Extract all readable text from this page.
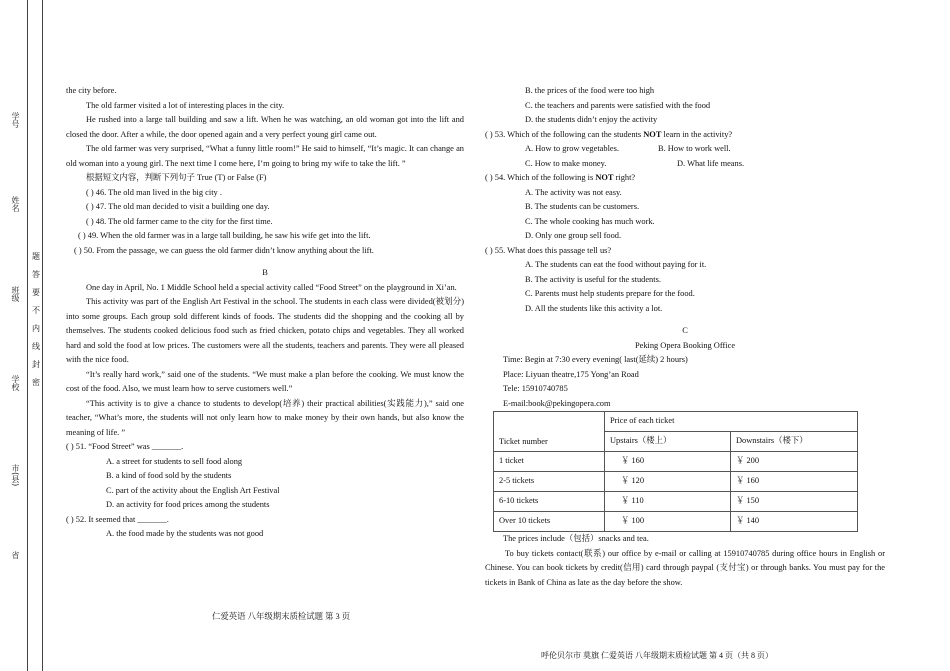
学号
姓名
班级
学校
市(县)
省
题
答
要
不
内
线
封
密

the city before.

The old farmer visited a lot of interesting places in the city.

He rushed into a large tall building and saw a lift. When he was watching, an old woman got into the lift and closed the door. After a while, the door opened again and a very perfect young girl came out.

The old farmer was very surprised, “What a funny little room!” He said to himself, “It’s magic. It can change an old woman into a young girl. The next time I come here, I’m going to bring my wife to take the lift. ”

根据短文内容，判断下列句子 True (T) or False (F)

( ) 46. The old man lived in the big city .

( ) 47. The old man decided to visit a building one day.

( ) 48. The old farmer came to the city for the first time.

( ) 49. When the old farmer was in a large tall building, he saw his wife get into the lift.

( ) 50. From the passage, we can guess the old farmer didn’t know anything about the lift.

B

One day in April, No. 1 Middle School held a special activity called “Food Street” on the playground in Xi’an.

This activity was part of the English Art Festival in the school. The students in each class were divided(被划分) into some groups. Each group sold different kinds of foods. The students did the shopping and the cooking all by themselves. The students cooked delicious food such as fried chicken, potato chips and vegetables. They all worked hard and sold the food at low prices. The customers were all the students, teachers and parents. They were all pleased with the nice food.

“It’s really hard work,” said one of the students. “We must make a plan before the cooking. We must know the cost of the food. Also, we must learn how to serve customers well.”

“This activity is to give a chance to students to develop(培养) their practical abilities(实践能力),” said one teacher, “What’s more, the students will not only learn how to make money by their own hands, but also know the meaning of life. ”

( ) 51. “Food Street” was _______.

A. a street for students to sell food along

B. a kind of food sold by the students

C. part of the activity about the English Art Festival

D. an activity for food prices among the students

( ) 52. It seemed that _______.

A. the food made by the students was not good

仁爱英语 八年级期末质检试题 第 3 页

B. the prices of the food were too high

C. the teachers and parents were satisfied with the food

D. the students didn’t enjoy the activity

( ) 53. Which of the following can the students NOT learn in the activity?

A. How to grow vegetables.	B. How to work well.
C. How to make money.	D. What life means.

( ) 54. Which of the following is NOT right?

A. The activity was not easy.

B. The students can be customers.

C. The whole cooking has much work.

D. Only one group sell food.

( ) 55. What does this passage tell us?

A. The students can eat the food without paying for it.

B. The activity is useful for the students.

C. Parents must help students prepare for the food.

D. All the students like this activity a lot.

C

Peking Opera Booking Office

Time: Begin at 7:30 every evening( last(延续) 2 hours)

Place: Liyuan theatre,175 Yong’an Road

Tele: 15910740785

E-mail:book@pekingopera.com

Ticket number	Price of each ticket	
	Upstairs（楼上）	Downstairs（楼下）
1 ticket	￥ 160	￥ 200
2-5 tickets	￥ 120	￥ 160
6-10 tickets	￥ 110	￥ 150
Over 10 tickets	￥ 100	￥ 140

The prices include（包括）snacks and tea.

To buy tickets contact(联系) our office by e-mail or calling at 15910740785 during office hours in English or Chinese. You can book tickets by credit(信用) card through paypal (支付宝) or through banks. You must pay for the tickets in Bank of China as late as the day before the show.

呼伦贝尔市 莫旗 仁爱英语 八年级期末质检试题 第 4 页（共 8 页）
